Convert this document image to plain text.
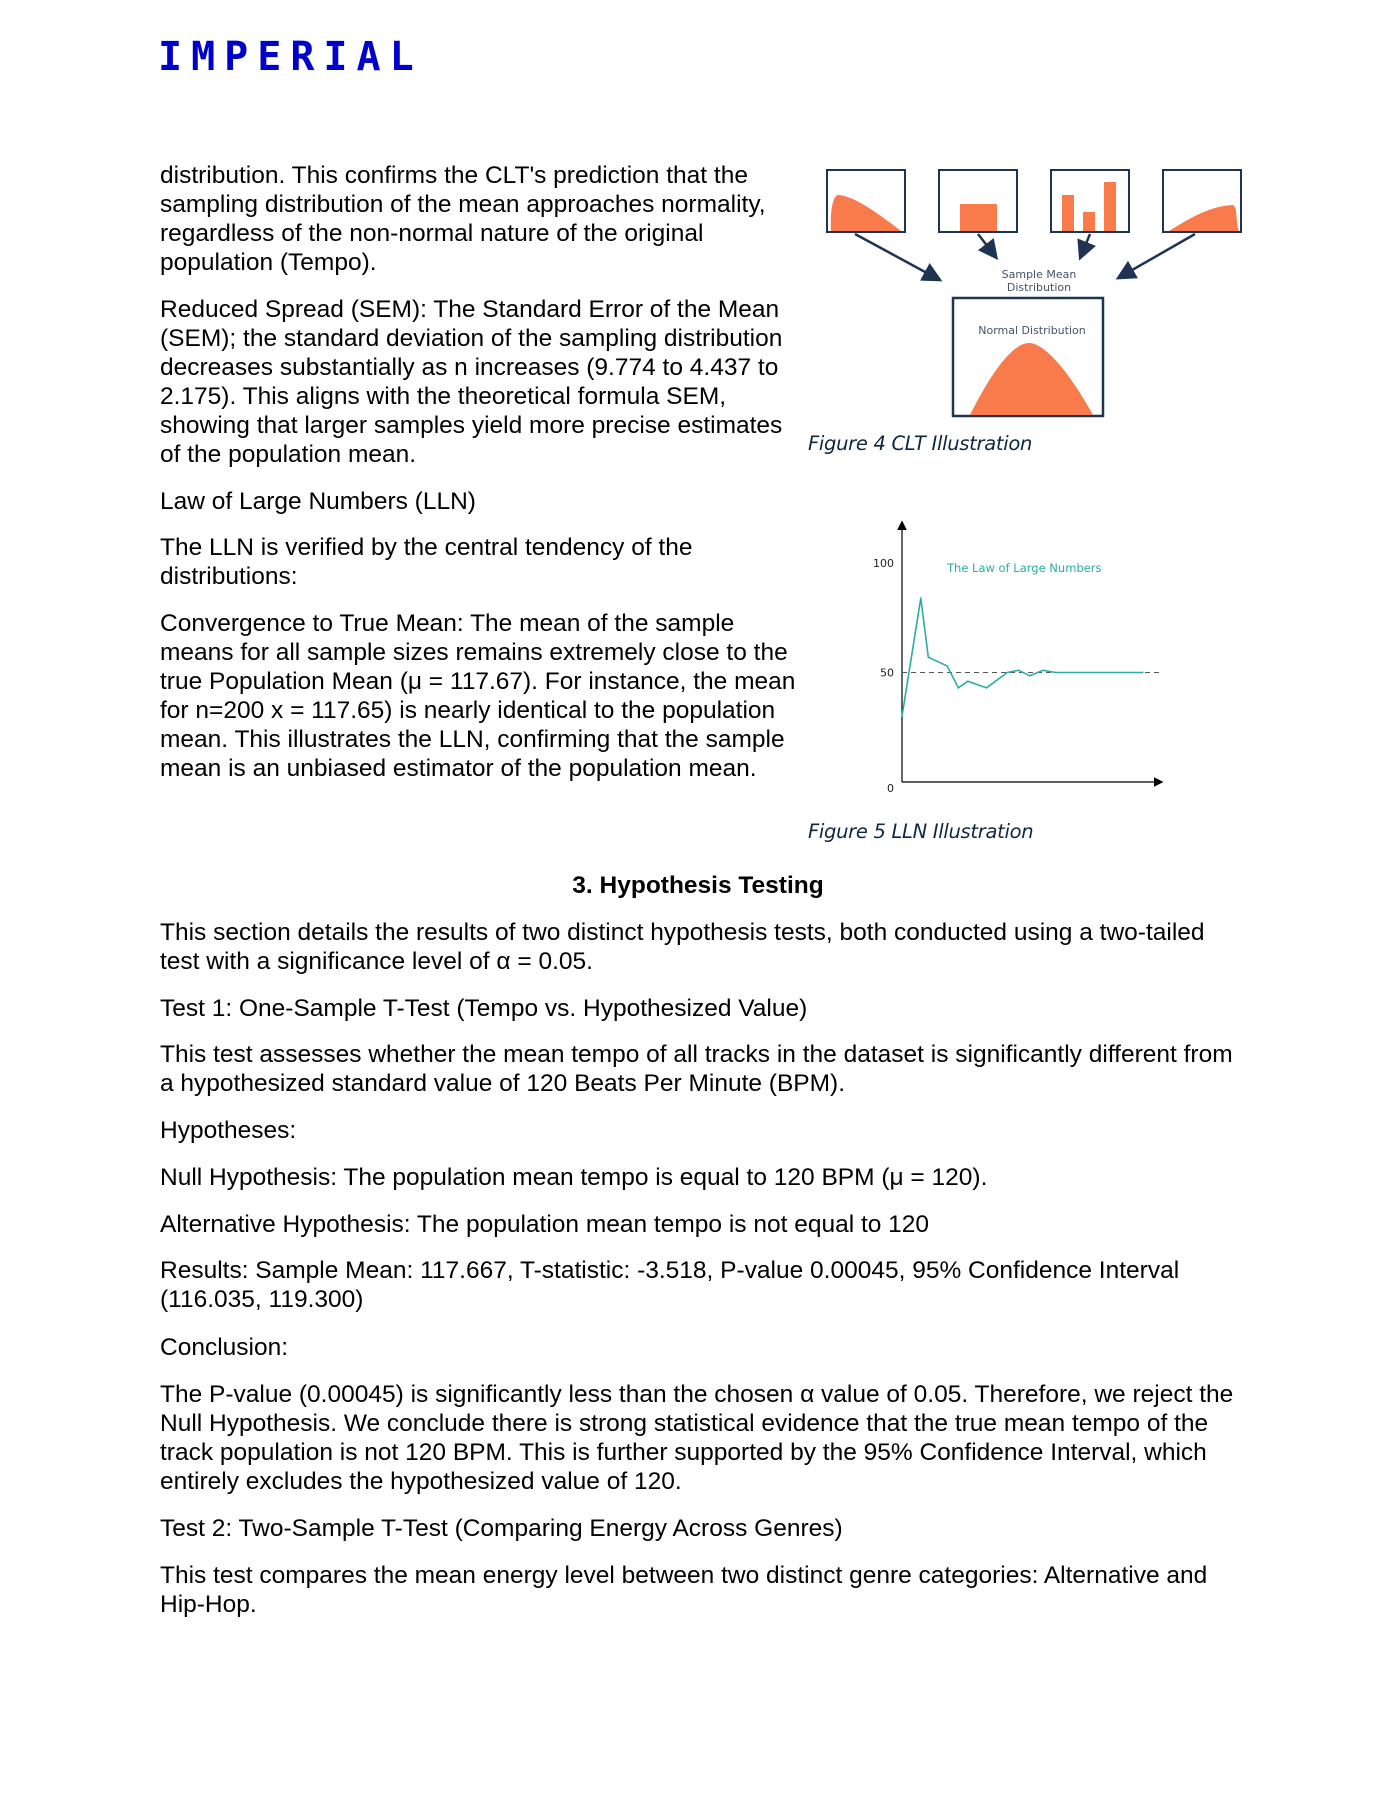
IMPERIAL

distribution. This confirms the CLT's prediction that the sampling distribution of the mean approaches normality, regardless of the non-normal nature of the original population (Tempo).

Reduced Spread (SEM): The Standard Error of the Mean (SEM); the standard deviation of the sampling distribution decreases substantially as n increases (9.774 to 4.437 to 2.175). This aligns with the theoretical formula SEM, showing that larger samples yield more precise estimates of the population mean.

Law of Large Numbers (LLN)

The LLN is verified by the central tendency of the distributions:

Convergence to True Mean: The mean of the sample means for all sample sizes remains extremely close to the true Population Mean (μ = 117.67). For instance, the mean for n=200 x = 117.65) is nearly identical to the population mean. This illustrates the LLN, confirming that the sample mean is an unbiased estimator of the population mean.

Sample Mean
Distribution
Normal Distribution
Figure 4 CLT Illustration
The Law of Large Numbers
0
50
100
Figure 5 LLN Illustration
3. Hypothesis Testing

This section details the results of two distinct hypothesis tests, both conducted using a two-tailed test with a significance level of α = 0.05.

Test 1: One-Sample T-Test (Tempo vs. Hypothesized Value)

This test assesses whether the mean tempo of all tracks in the dataset is significantly different from a hypothesized standard value of 120 Beats Per Minute (BPM).

Hypotheses:

Null Hypothesis: The population mean tempo is equal to 120 BPM (μ = 120).

Alternative Hypothesis: The population mean tempo is not equal to 120

Results: Sample Mean: 117.667, T-statistic: -3.518, P-value 0.00045, 95% Confidence Interval (116.035, 119.300)

Conclusion:

The P-value (0.00045) is significantly less than the chosen α value of 0.05. Therefore, we reject the Null Hypothesis. We conclude there is strong statistical evidence that the true mean tempo of the track population is not 120 BPM. This is further supported by the 95% Confidence Interval, which entirely excludes the hypothesized value of 120.

Test 2: Two-Sample T-Test (Comparing Energy Across Genres)

This test compares the mean energy level between two distinct genre categories: Alternative and Hip-Hop.
